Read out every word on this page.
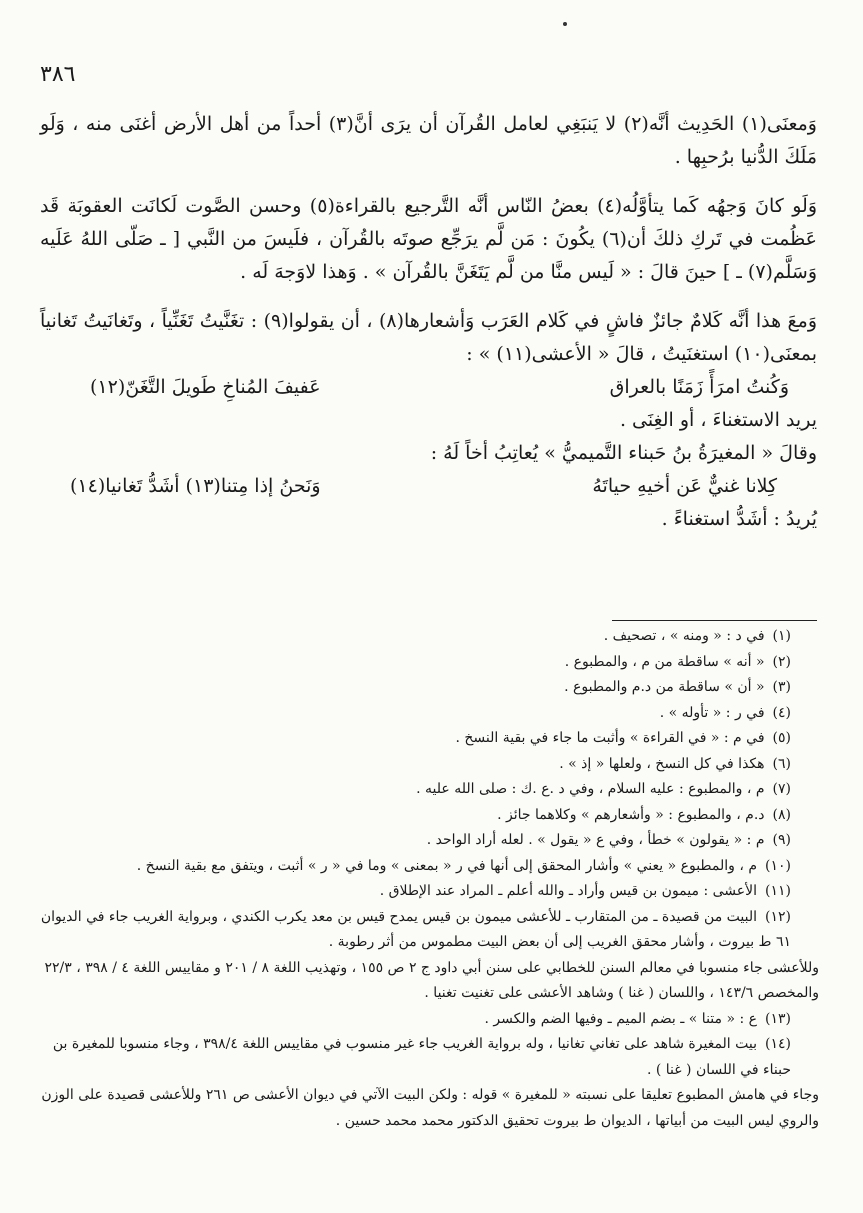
٣٨٦

وَمعنَى(١) الحَدِيث أنَّه(٢) لا يَنبَغِي لعامل القُرآن أن يرَى أنَّ(٣) أحداً من أهل الأرض أغنَى منه ، وَلَو مَلَكَ الدُّنيا برُحبِها .

وَلَو كانَ وَجهُه كَما يتأوَّلُه(٤) بعضُ النّاس أنَّه التَّرجيع بالقراءة(٥) وحسن الصَّوت لَكانَت العقوبَة قَد عَظُمت في تَركِ ذلكَ أن(٦) يكُونَ : مَن لَّم يرَجِّع صوتَه بالقُرآن ، فلَيسَ من النَّبي [ ـ صَلّى اللهُ عَلَيه وَسَلَّم(٧) ـ ] حينَ قالَ : « لَيس منَّا من لَّم يَتَغَنَّ بالقُرآن » . وَهذا لاوَجهَ لَه .

وَمعَ هذا أنَّه كَلامٌ جائزٌ فاشٍ في كَلام العَرَب وَأشعارها(٨) ، أن يقولوا(٩) : تغَنَّيتُ تَغَنِّياً ، وتَغانَيتُ تَغانياً بمعنَى(١٠) استغنَيتُ ، قالَ « الأعشى(١١) » :

وَكُنتُ امرَأً زَمَنًا بالعراق
عَفيفَ المُناخِ طَويلَ التَّغَنّ(١٢)

يريد الاستغناءَ ، أو الغِنَى .

وقالَ « المغيرَةُ بنُ حَبناء التَّميميُّ » يُعاتِبُ أخاً لَهُ :

كِلانا غنيٌّ عَن أخيهِ حياتَهُ
وَنَحنُ إذا مِتنا(١٣) أشَدُّ تَغانيا(١٤)

يُريدُ : أشَدُّ استغناءً .

(١)في د : « ومنه » ، تصحيف .

(٢)« أنه » ساقطة من م ، والمطبوع .

(٣)« أن » ساقطة من د.م والمطبوع .

(٤)في ر : « تأوله » .

(٥)في م : « في القراءة » وأثبت ما جاء في بقية النسخ .

(٦)هكذا في كل النسخ ، ولعلها « إذ » .

(٧)م ، والمطبوع : عليه السلام ، وفي د .ع .ك : صلى الله عليه .

(٨)د.م ، والمطبوع : « وأشعارهم » وكلاهما جائز .

(٩)م : « يقولون » خطأ ، وفي ع « يقول » . لعله أراد الواحد .

(١٠)م ، والمطبوع « يعني » وأشار المحقق إلى أنها في ر « بمعنى » وما في « ر » أثبت ، ويتفق مع بقية النسخ .

(١١)الأعشى : ميمون بن قيس وأراد ـ والله أعلم ـ المراد عند الإطلاق .

(١٢)البيت من قصيدة ـ من المتقارب ـ للأعشى ميمون بن قيس يمدح قيس بن معد يكرب الكندي ، وبرواية الغريب جاء في الديوان ٦١ ط بيروت ، وأشار محقق الغريب إلى أن بعض البيت مطموس من أثر رطوبة .

وللأعشى جاء منسوبا في معالم السنن للخطابي على سنن أبي داود ج ٢ ص ١٥٥ ، وتهذيب اللغة ٨ / ٢٠١ و مقاييس اللغة ٤ / ٣٩٨ ، ٢٢/٣ والمخصص ١٤٣/٦ ، واللسان ( غنا ) وشاهد الأعشى على تغنيت تغنيا .

(١٣)ع : « متنا » ـ بضم الميم ـ وفيها الضم والكسر .

(١٤)بيت المغيرة شاهد على تغاني تغانيا ، وله برواية الغريب جاء غير منسوب في مقاييس اللغة ٣٩٨/٤ ، وجاء منسوبا للمغيرة بن حبناء في اللسان ( غنا ) .

وجاء في هامش المطبوع تعليقا على نسبته « للمغيرة » قوله : ولكن البيت الآتي في ديوان الأعشى ص ٢٦١ وللأعشى قصيدة على الوزن والروي ليس البيت من أبياتها ، الديوان ط بيروت تحقيق الدكتور محمد محمد حسين .
